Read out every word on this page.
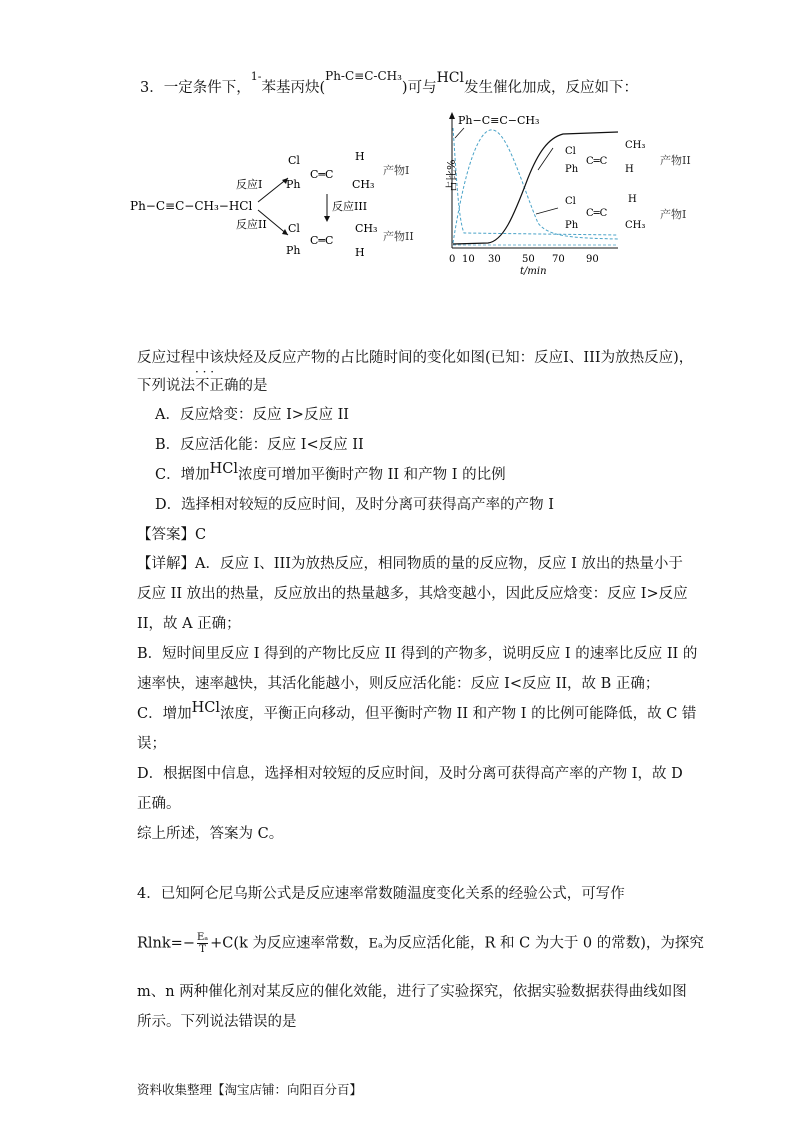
3．一定条件下，$^{1-}$苯基丙炔($^{Ph-C\equiv C-CH_3}$)可与HCl发生催化加成，反应如下：
Ph−C≡C−CH₃−HCl
反应I
反应II
Cl
Ph
C═C
H
CH₃
产物I
反应III
Cl
Ph
C═C
CH₃
H
产物II
占比%
Ph−C≡C−CH₃
Cl
Ph
C═C
CH₃
H
产物II
Cl
Ph
C═C
H
CH₃
产物I
0 10 30 50 70 90
t/min
反应过程中该炔烃及反应产物的占比随时间的变化如图(已知：反应I、III为放热反应)，
下列说法不正确的是
· · ·
A．反应焓变：反应 I>反应 II
B．反应活化能：反应 I<反应 II
C．增加HCl浓度可增加平衡时产物 II 和产物 I 的比例
D．选择相对较短的反应时间，及时分离可获得高产率的产物 I
【答案】C
【详解】A．反应 I、III为放热反应，相同物质的量的反应物，反应 I 放出的热量小于
反应 II 放出的热量，反应放出的热量越多，其焓变越小，因此反应焓变：反应 I>反应
II，故 A 正确；
B．短时间里反应 I 得到的产物比反应 II 得到的产物多，说明反应 I 的速率比反应 II 的
速率快，速率越快，其活化能越小，则反应活化能：反应 I<反应 II，故 B 正确；
C．增加HCl浓度，平衡正向移动，但平衡时产物 II 和产物 I 的比例可能降低，故 C 错
误；
D．根据图中信息，选择相对较短的反应时间，及时分离可获得高产率的产物 I，故 D
正确。
综上所述，答案为 C。
4．已知阿仑尼乌斯公式是反应速率常数随温度变化关系的经验公式，可写作
$Rlnk=- \frac{\text{Eₐ}}{T} +C(k$ 为反应速率常数，Eₐ为反应活化能，R 和 C 为大于 0 的常数)，为探究
m、n 两种催化剂对某反应的催化效能，进行了实验探究，依据实验数据获得曲线如图
所示。下列说法错误的是
资料收集整理【淘宝店铺：向阳百分百】
